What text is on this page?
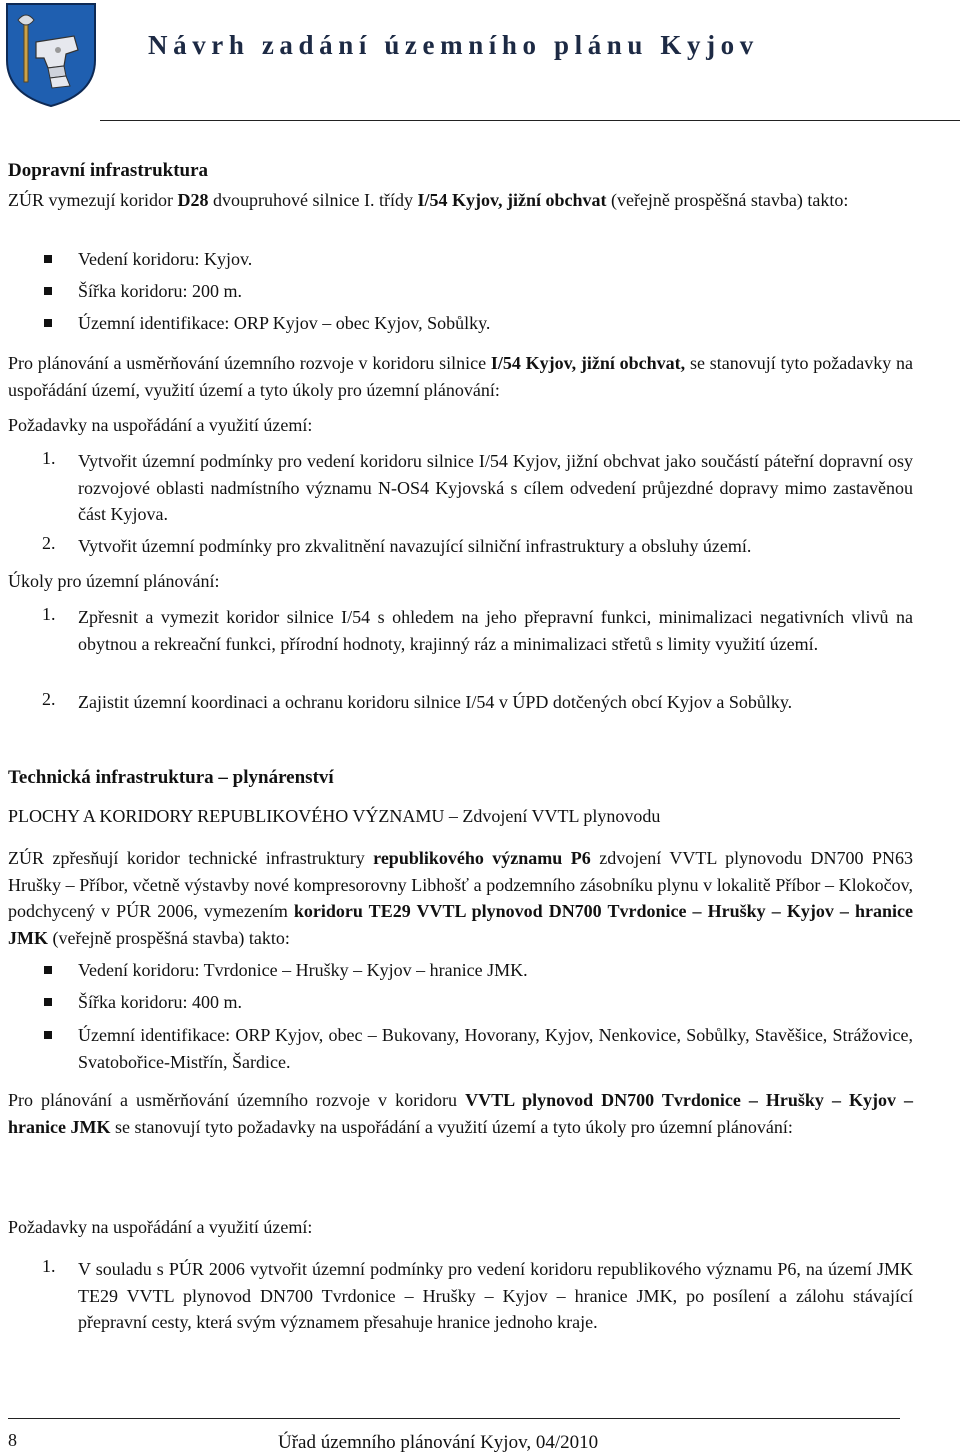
Návrh zadání územního plánu Kyjov
Dopravní infrastruktura
ZÚR vymezují koridor D28 dvoupruhové silnice I. třídy I/54 Kyjov, jižní obchvat (veřejně prospěšná stavba) takto:
Vedení koridoru: Kyjov.
Šířka koridoru: 200 m.
Územní identifikace: ORP Kyjov – obec Kyjov, Sobůlky.
Pro plánování a usměrňování územního rozvoje v koridoru silnice I/54 Kyjov, jižní obchvat, se stanovují tyto požadavky na uspořádání území, využití území a tyto úkoly pro územní plánování:
Požadavky na uspořádání a využití území:
1. Vytvořit územní podmínky pro vedení koridoru silnice I/54 Kyjov, jižní obchvat jako součástí páteřní dopravní osy rozvojové oblasti nadmístního významu N-OS4 Kyjovská s cílem odvedení průjezdné dopravy mimo zastavěnou část Kyjova.
2. Vytvořit územní podmínky pro zkvalitnění navazující silniční infrastruktury a obsluhy území.
Úkoly pro územní plánování:
1. Zpřesnit a vymezit koridor silnice I/54 s ohledem na jeho přepravní funkci, minimalizaci negativních vlivů na obytnou a rekreační funkci, přírodní hodnoty, krajinný ráz a minimalizaci střetů s limity využití území.
2. Zajistit územní koordinaci a ochranu koridoru silnice I/54 v ÚPD dotčených obcí Kyjov a Sobůlky.
Technická infrastruktura – plynárenství
PLOCHY A KORIDORY REPUBLIKOVÉHO VÝZNAMU – Zdvojení VVTL plynovodu
ZÚR zpřesňují koridor technické infrastruktury republikového významu P6 zdvojení VVTL plynovodu DN700 PN63 Hrušky – Příbor, včetně výstavby nové kompresorovny Libhošť a podzemního zásobníku plynu v lokalitě Příbor – Klokočov, podchycený v PÚR 2006, vymezením koridoru TE29 VVTL plynovod DN700 Tvrdonice – Hrušky – Kyjov – hranice JMK (veřejně prospěšná stavba) takto:
Vedení koridoru: Tvrdonice – Hrušky – Kyjov – hranice JMK.
Šířka koridoru: 400 m.
Územní identifikace: ORP Kyjov, obec – Bukovany, Hovorany, Kyjov, Nenkovice, Sobůlky, Stavěšice, Strážovice, Svatobořice-Mistřín, Šardice.
Pro plánování a usměrňování územního rozvoje v koridoru VVTL plynovod DN700 Tvrdonice – Hrušky – Kyjov – hranice JMK se stanovují tyto požadavky na uspořádání a využití území a tyto úkoly pro územní plánování:
Požadavky na uspořádání a využití území:
1. V souladu s PÚR 2006 vytvořit územní podmínky pro vedení koridoru republikového významu P6, na území JMK TE29 VVTL plynovod DN700 Tvrdonice – Hrušky – Kyjov – hranice JMK, po posílení a zálohu stávající přepravní cesty, která svým významem přesahuje hranice jednoho kraje.
8	Úřad územního plánování Kyjov, 04/2010
